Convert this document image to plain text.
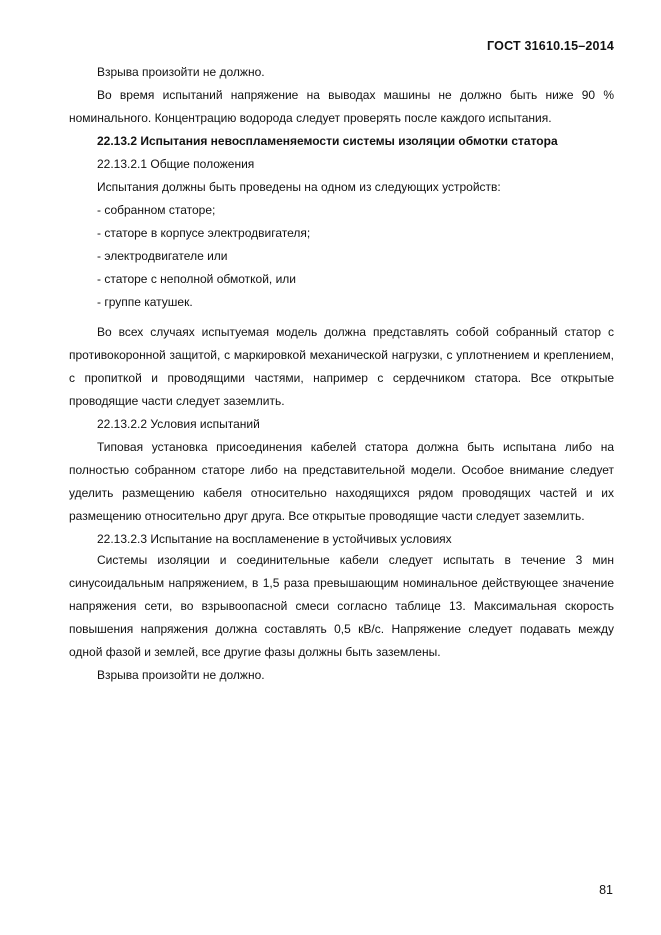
ГОСТ 31610.15–2014

Взрыва произойти не должно.

Во время испытаний напряжение на выводах машины не должно быть ниже 90 % номинального. Концентрацию водорода следует проверять после каждого испытания.

22.13.2 Испытания невоспламеняемости системы изоляции обмотки статора

22.13.2.1 Общие положения

Испытания должны быть проведены на одном из следующих устройств:

- собранном статоре;

- статоре в корпусе электродвигателя;

- электродвигателе или

- статоре с неполной обмоткой, или

- группе катушек.

Во всех случаях испытуемая модель должна представлять собой собранный статор с противокоронной защитой, с маркировкой механической нагрузки, с уплотнением и креплением, с пропиткой и проводящими частями, например с сердечником статора. Все открытые проводящие части следует заземлить.

22.13.2.2 Условия испытаний

Типовая установка присоединения кабелей статора должна быть испытана либо на полностью собранном статоре либо на представительной модели. Особое внимание следует уделить размещению кабеля относительно находящихся рядом проводящих частей и их размещению относительно друг друга. Все открытые проводящие части следует заземлить.

22.13.2.3 Испытание на воспламенение в устойчивых условиях

Системы изоляции и соединительные кабели следует испытать в течение 3 мин синусоидальным напряжением, в 1,5 раза превышающим номинальное действующее значение напряжения сети, во взрывоопасной смеси согласно таблице 13. Максимальная скорость повышения напряжения должна составлять 0,5 кВ/с. Напряжение следует подавать между одной фазой и землей, все другие фазы должны быть заземлены.

Взрыва произойти не должно.

81
